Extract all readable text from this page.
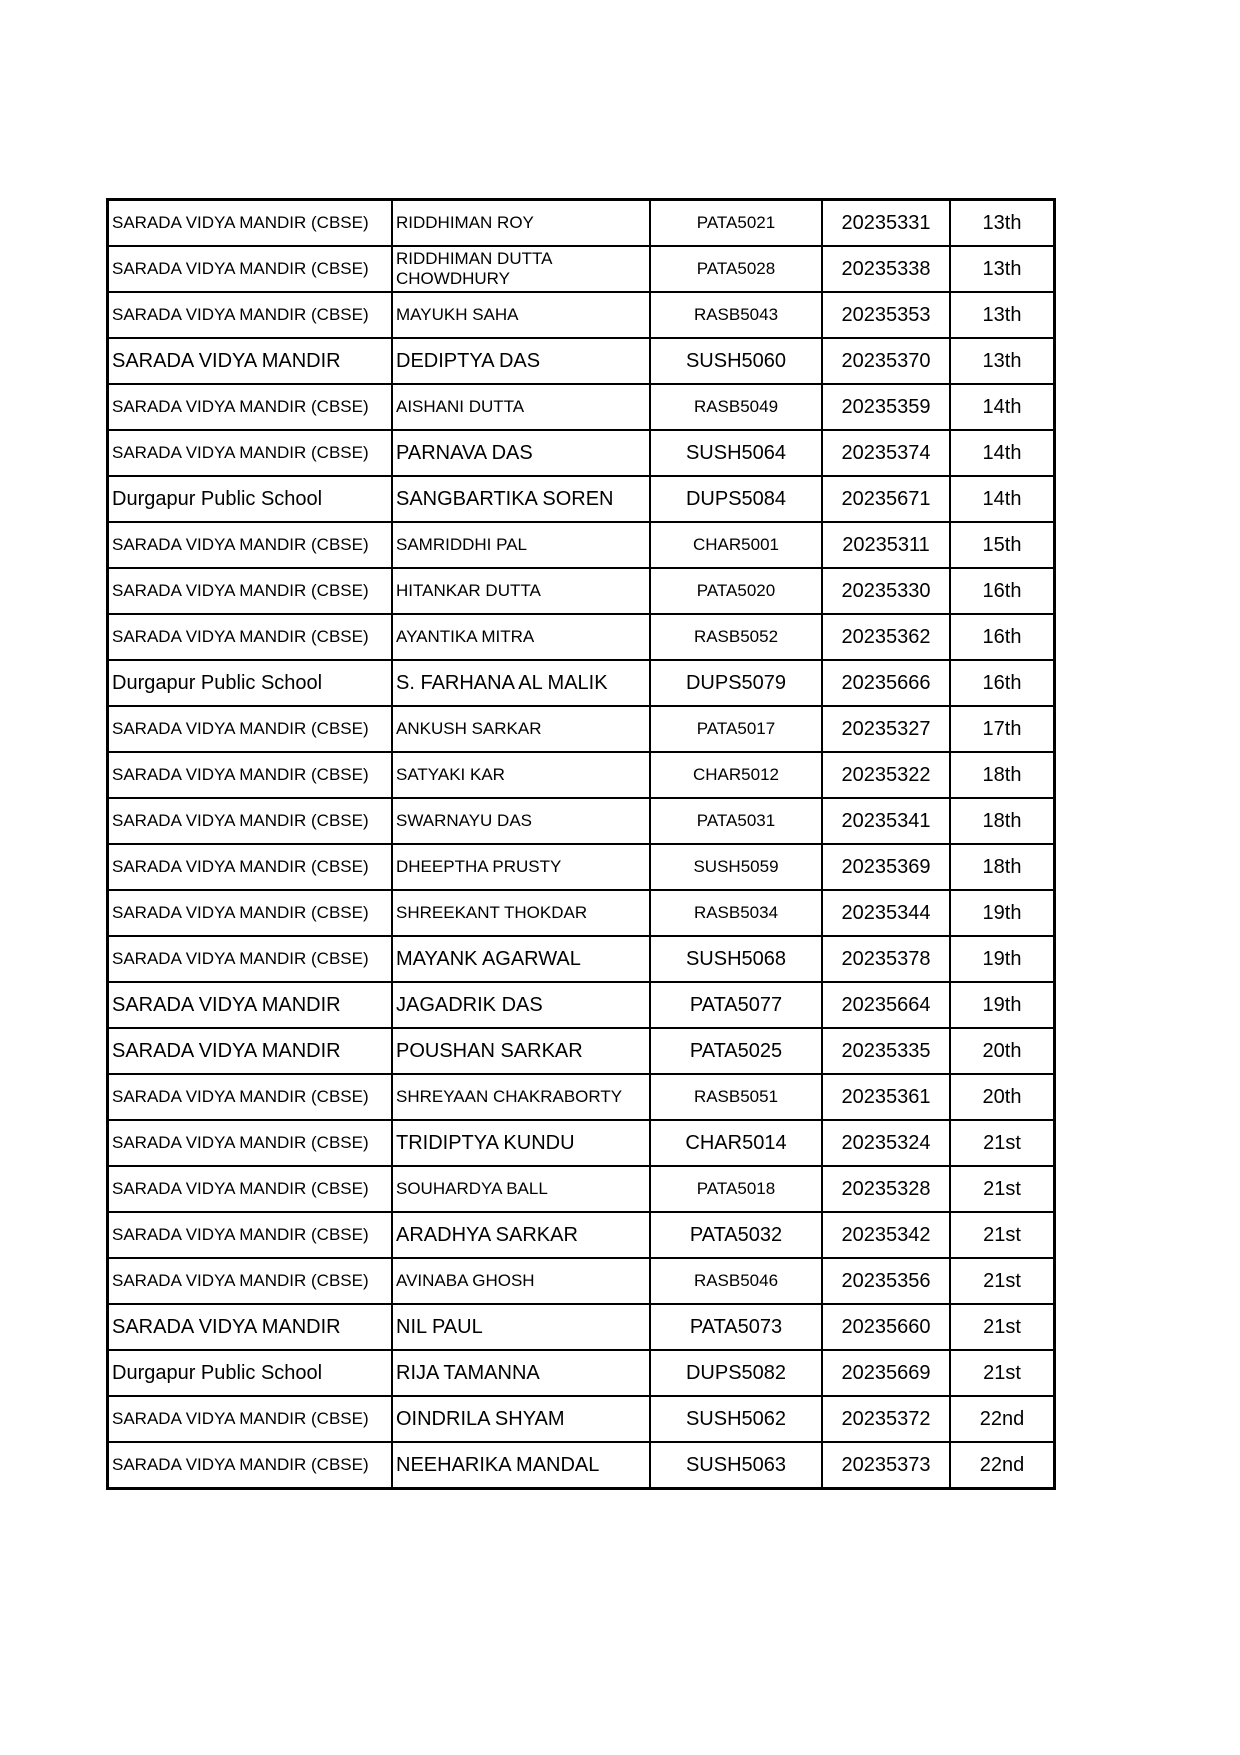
SARADA VIDYA MANDIR (CBSE)	RIDDHIMAN ROY	PATA5021	20235331	13th
SARADA VIDYA MANDIR (CBSE)	RIDDHIMAN DUTTA CHOWDHURY	PATA5028	20235338	13th
SARADA VIDYA MANDIR (CBSE)	MAYUKH SAHA	RASB5043	20235353	13th
SARADA VIDYA MANDIR	DEDIPTYA DAS	SUSH5060	20235370	13th
SARADA VIDYA MANDIR (CBSE)	AISHANI DUTTA	RASB5049	20235359	14th
SARADA VIDYA MANDIR (CBSE)	PARNAVA DAS	SUSH5064	20235374	14th
Durgapur Public School	SANGBARTIKA SOREN	DUPS5084	20235671	14th
SARADA VIDYA MANDIR (CBSE)	SAMRIDDHI PAL	CHAR5001	20235311	15th
SARADA VIDYA MANDIR (CBSE)	HITANKAR DUTTA	PATA5020	20235330	16th
SARADA VIDYA MANDIR (CBSE)	AYANTIKA MITRA	RASB5052	20235362	16th
Durgapur Public School	S. FARHANA AL MALIK	DUPS5079	20235666	16th
SARADA VIDYA MANDIR (CBSE)	ANKUSH SARKAR	PATA5017	20235327	17th
SARADA VIDYA MANDIR (CBSE)	SATYAKI KAR	CHAR5012	20235322	18th
SARADA VIDYA MANDIR (CBSE)	SWARNAYU DAS	PATA5031	20235341	18th
SARADA VIDYA MANDIR (CBSE)	DHEEPTHA PRUSTY	SUSH5059	20235369	18th
SARADA VIDYA MANDIR (CBSE)	SHREEKANT THOKDAR	RASB5034	20235344	19th
SARADA VIDYA MANDIR (CBSE)	MAYANK AGARWAL	SUSH5068	20235378	19th
SARADA VIDYA MANDIR	JAGADRIK DAS	PATA5077	20235664	19th
SARADA VIDYA MANDIR	POUSHAN SARKAR	PATA5025	20235335	20th
SARADA VIDYA MANDIR (CBSE)	SHREYAAN CHAKRABORTY	RASB5051	20235361	20th
SARADA VIDYA MANDIR (CBSE)	TRIDIPTYA KUNDU	CHAR5014	20235324	21st
SARADA VIDYA MANDIR (CBSE)	SOUHARDYA BALL	PATA5018	20235328	21st
SARADA VIDYA MANDIR (CBSE)	ARADHYA SARKAR	PATA5032	20235342	21st
SARADA VIDYA MANDIR (CBSE)	AVINABA GHOSH	RASB5046	20235356	21st
SARADA VIDYA MANDIR	NIL PAUL	PATA5073	20235660	21st
Durgapur Public School	RIJA TAMANNA	DUPS5082	20235669	21st
SARADA VIDYA MANDIR (CBSE)	OINDRILA SHYAM	SUSH5062	20235372	22nd
SARADA VIDYA MANDIR (CBSE)	NEEHARIKA MANDAL	SUSH5063	20235373	22nd
